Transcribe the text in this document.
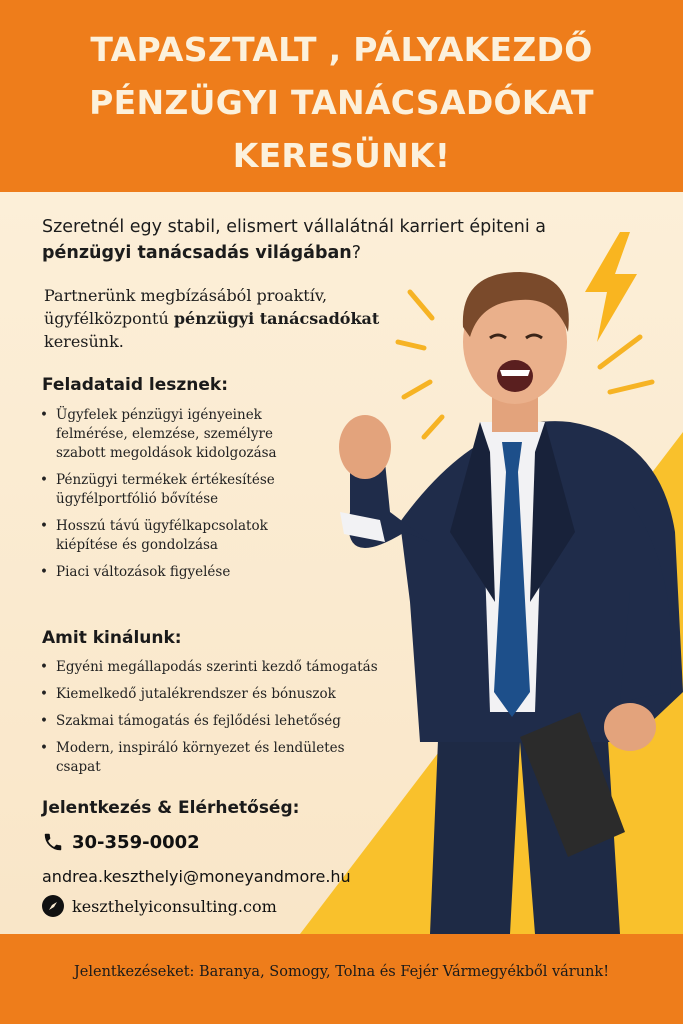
TAPASZTALT , PÁLYAKEZDŐ
PÉNZÜGYI TANÁCSADÓKAT
KERESÜNK!
Szeretnél egy stabil, elismert vállalátnál karriert épiteni a pénzügyi tanácsadás világában?
Partnerünk megbízásából proaktív, ügyfélközpontú pénzügyi tanácsadókat keresünk.
Feladataid lesznek:
• Ügyfelek pénzügyi igényeinek felmérése, elemzése, személyre szabott megoldások kidolgozása
• Pénzügyi termékek értékesítése ügyfélportfólió bővítése
• Hosszú távú ügyfélkapcsolatok kiépítése és gondolzása
• Piaci változások figyelése
Amit kinálunk:
• Egyéni megállapodás szerinti kezdő támogatás
• Kiemelkedő jutalékrendszer és bónuszok
• Szakmai támogatás és fejlődési lehetőség
• Modern, inspiráló környezet és lendületes csapat
Jelentkezés & Elérhetőség:
30-359-0002
andrea.keszthelyi@moneyandmore.hu
keszthelyiconsulting.com
Jelentkezéseket: Baranya, Somogy, Tolna és Fejér Vármegyékből várunk!
